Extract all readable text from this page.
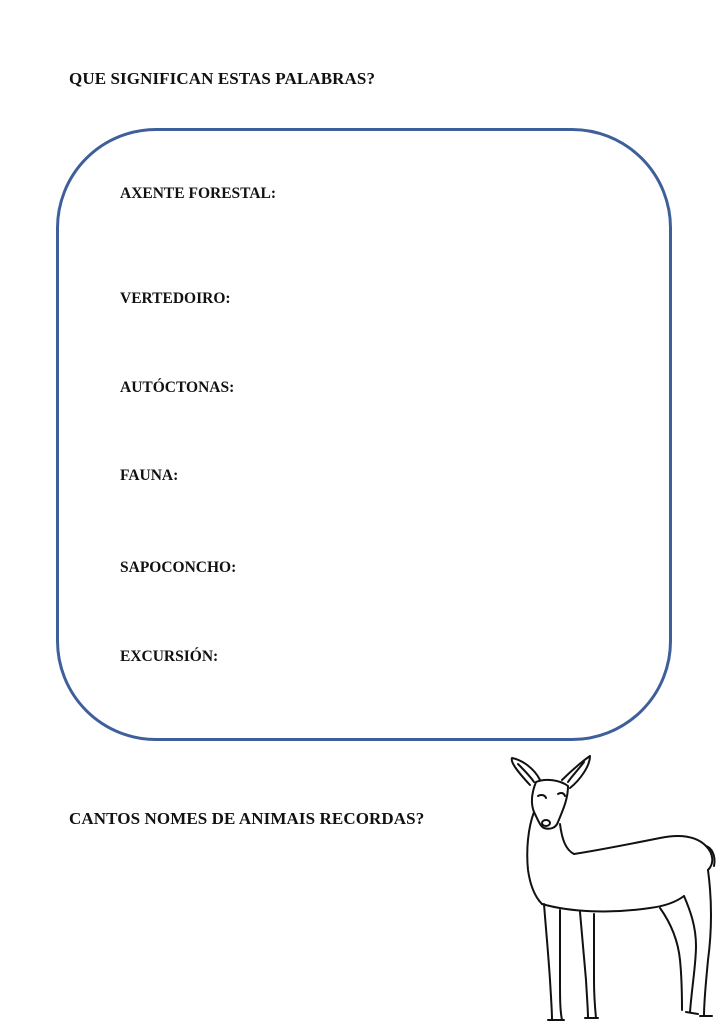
QUE SIGNIFICAN ESTAS PALABRAS?
AXENTE FORESTAL:
VERTEDOIRO:
AUTÓCTONAS:
FAUNA:
SAPOCONCHO:
EXCURSIÓN:
CANTOS NOMES DE ANIMAIS RECORDAS?
